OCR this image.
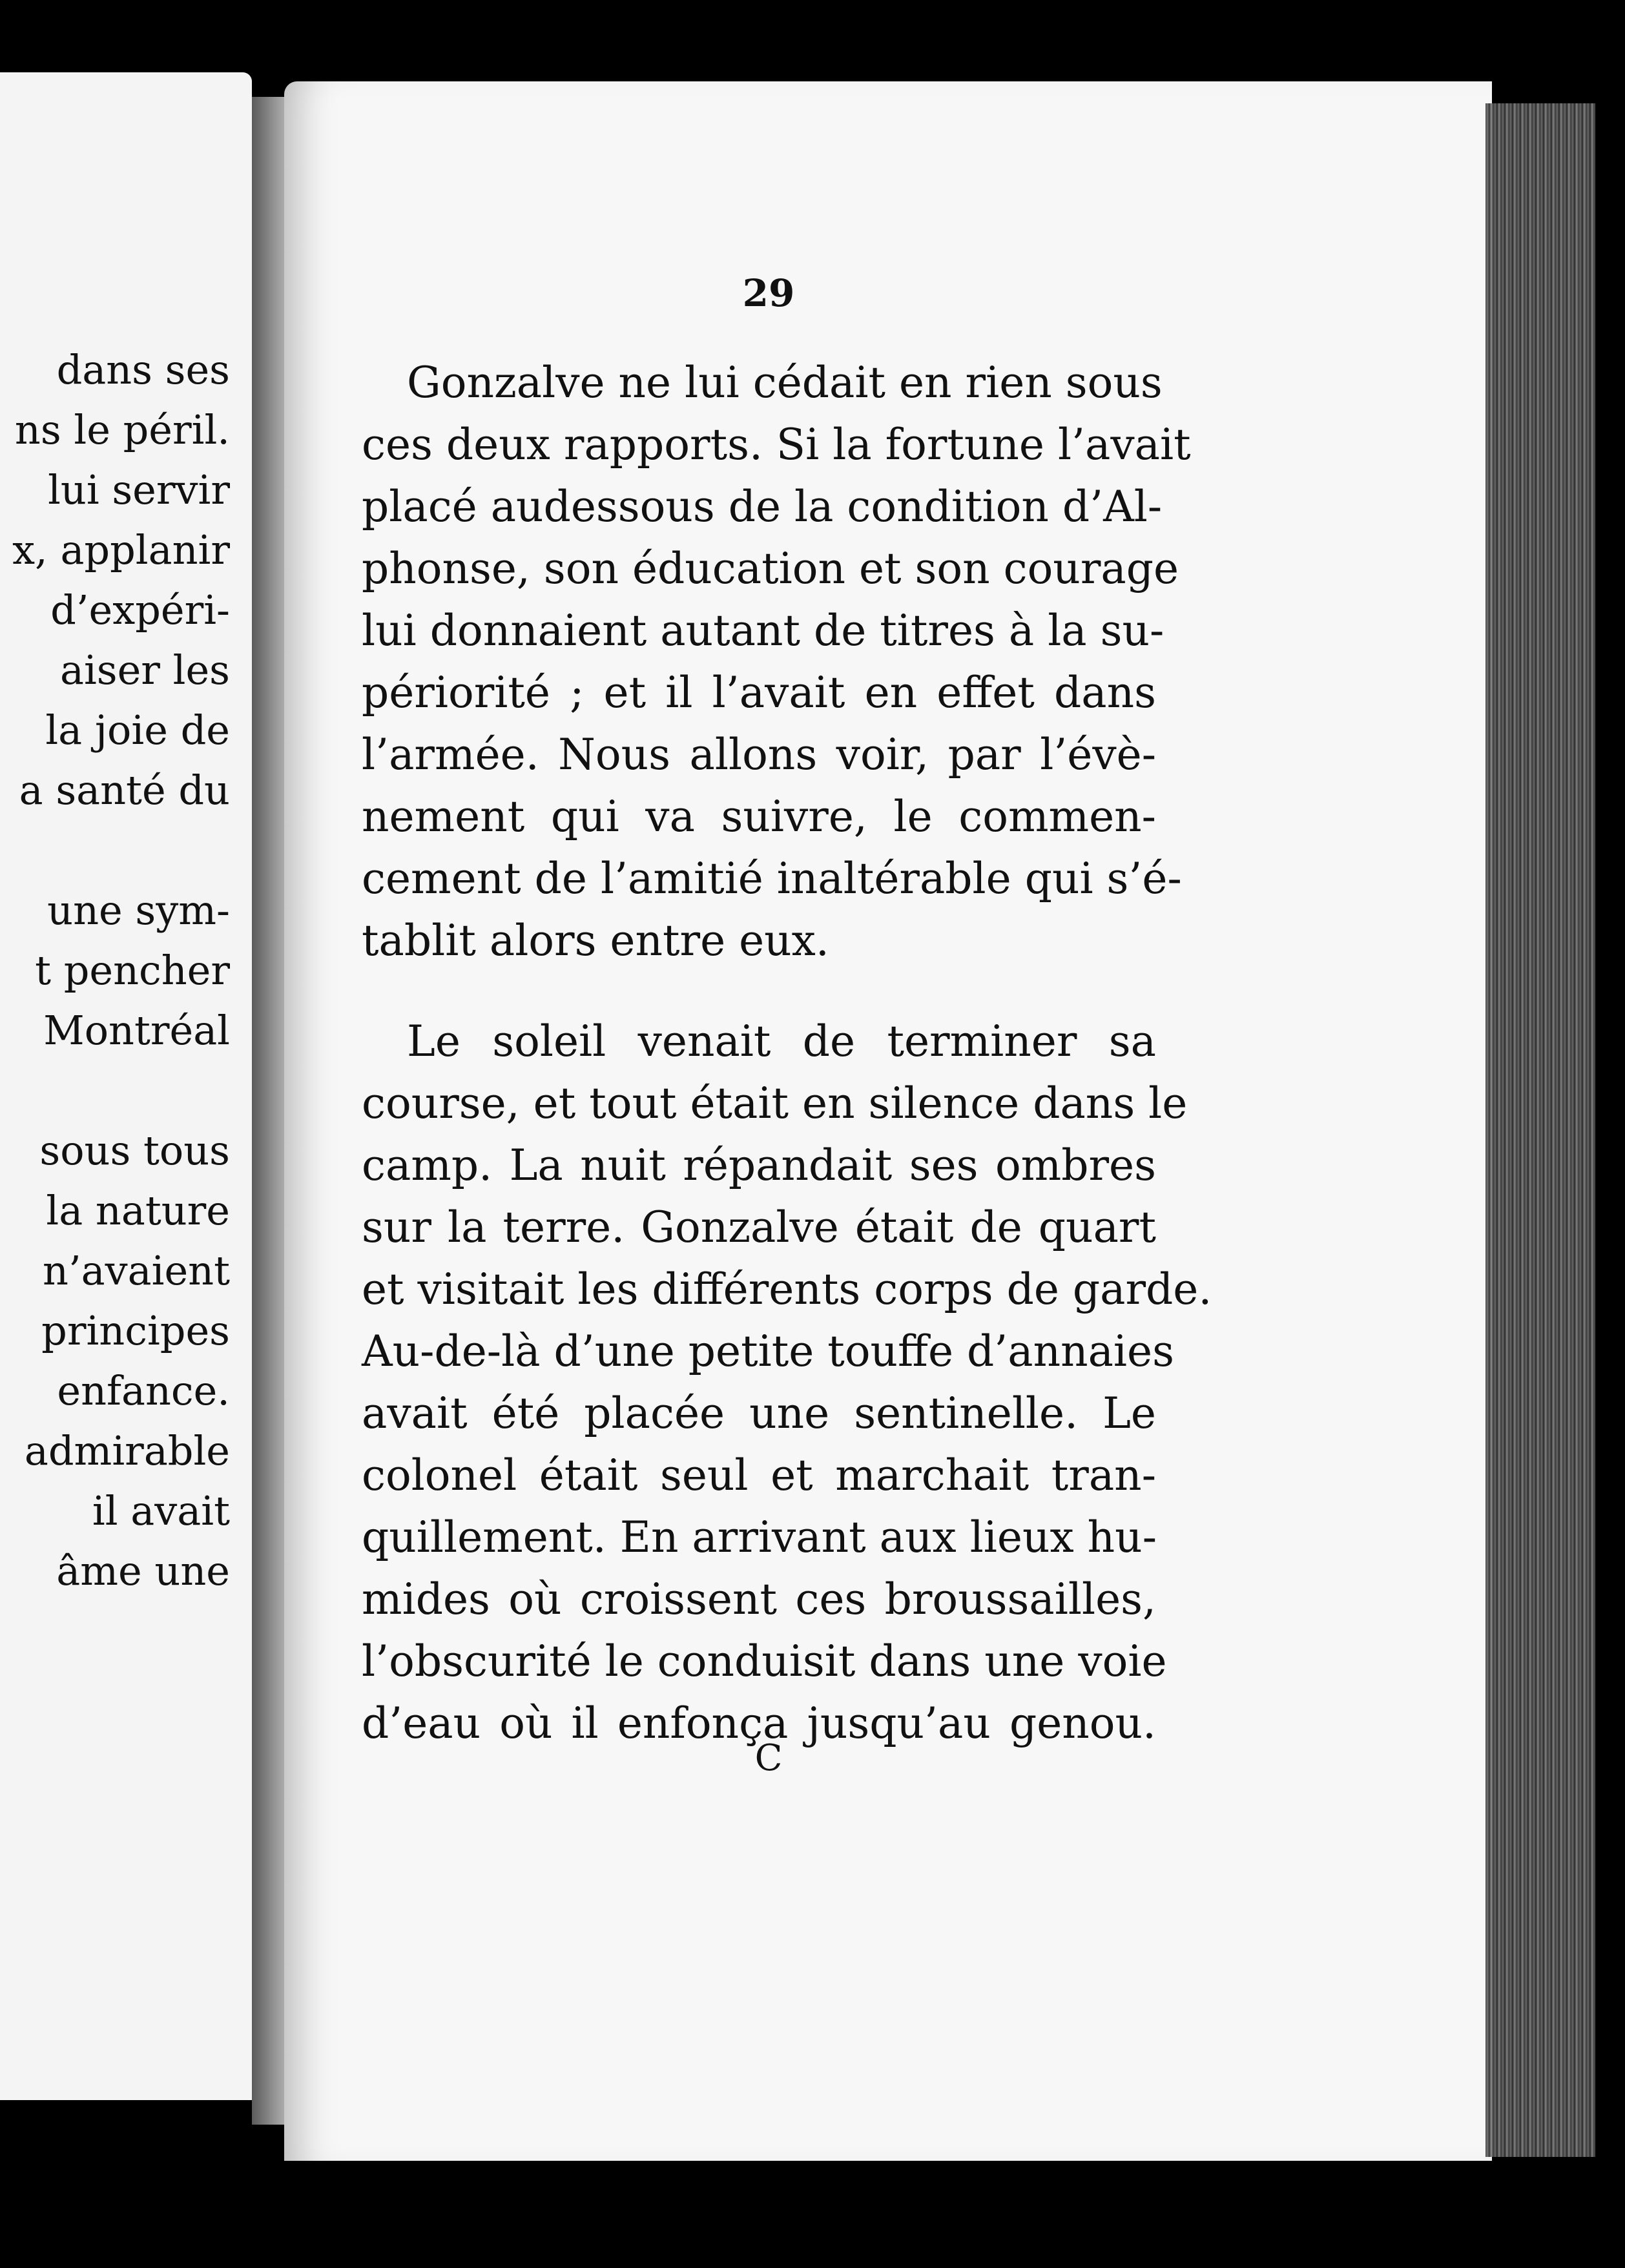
dans ses
ns le péril.
lui servir
x, applanir
d’expéri-
aiser les
la joie de
a santé du
une sym-
t pencher
Montréal
sous tous
la nature
n’avaient
principes
enfance.
admirable
il avait
âme une
29
Gonzalve ne lui cédait en rien sous
ces deux rapports. Si la fortune l’avait
placé audessous de la condition d’Al-
phonse, son éducation et son courage
lui donnaient autant de titres à la su-
périorité ; et il l’avait en effet dans
l’armée. Nous allons voir, par l’évè-
nement qui va suivre, le commen-
cement de l’amitié inaltérable qui s’é-
tablit alors entre eux.
Le soleil venait de terminer sa
course, et tout était en silence dans le
camp. La nuit répandait ses ombres
sur la terre. Gonzalve était de quart
et visitait les différents corps de garde.
Au-de-là d’une petite touffe d’annaies
avait été placée une sentinelle. Le
colonel était seul et marchait tran-
quillement. En arrivant aux lieux hu-
mides où croissent ces broussailles,
l’obscurité le conduisit dans une voie
d’eau où il enfonça jusqu’au genou.
C
